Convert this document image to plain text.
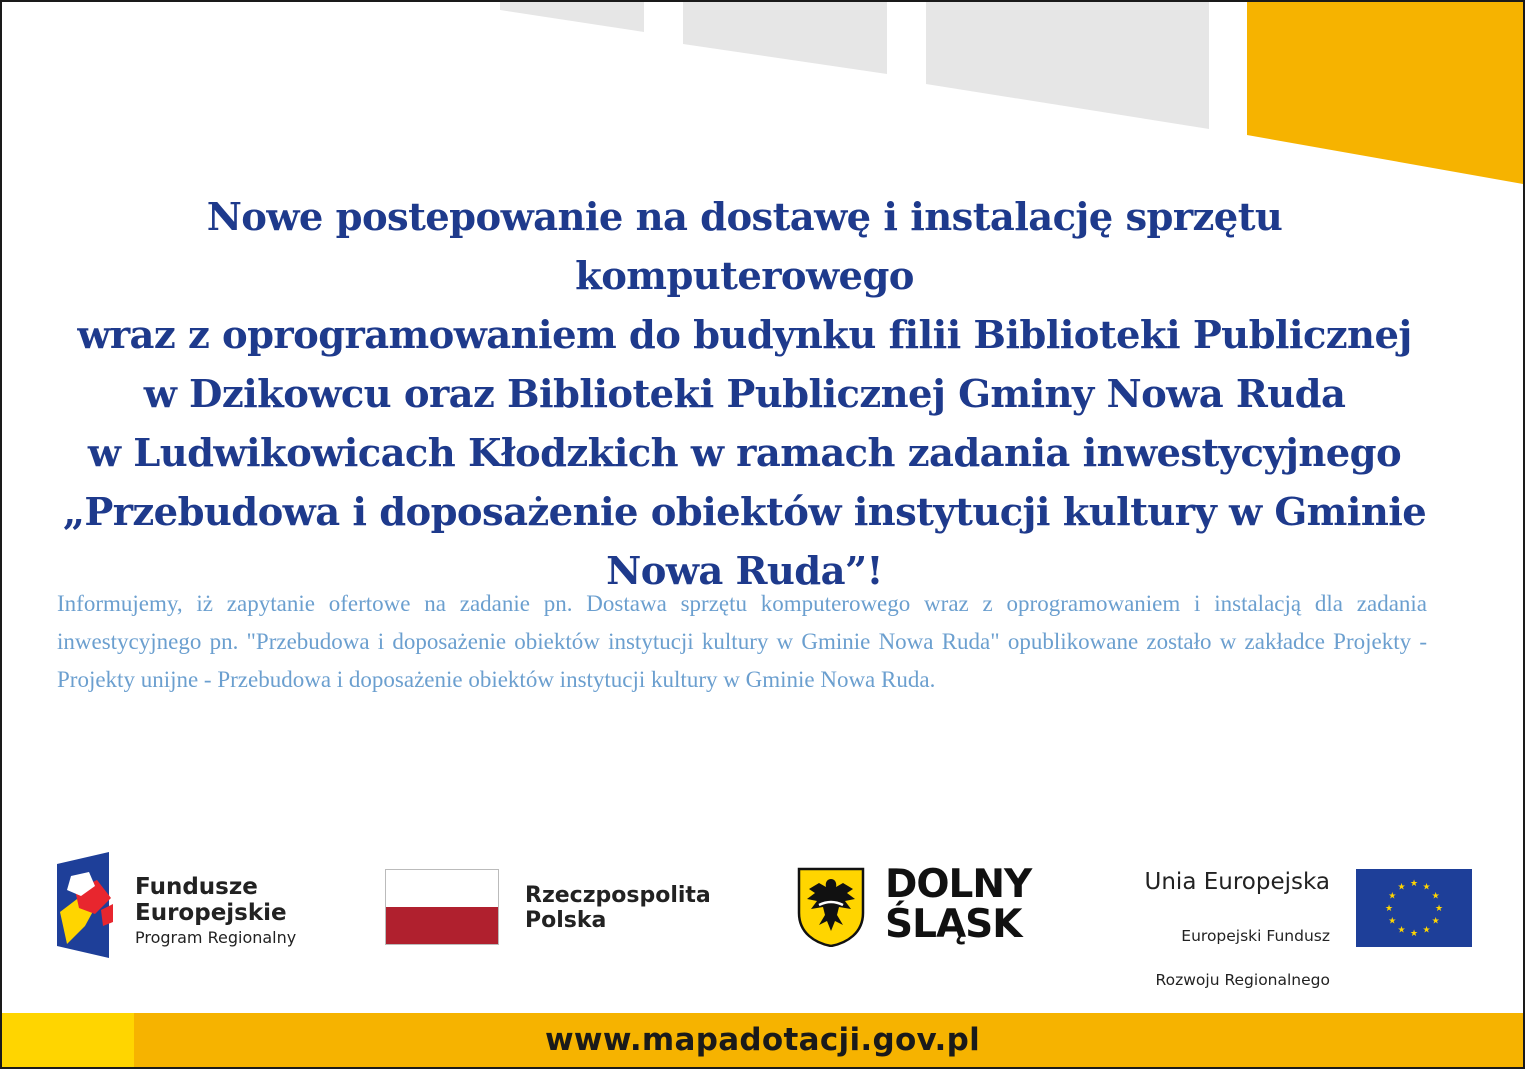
Nowe postepowanie na dostawę i instalację sprzętu komputerowego
wraz z oprogramowaniem do budynku filii Biblioteki Publicznej
w Dzikowcu oraz Biblioteki Publicznej Gminy Nowa Ruda
w Ludwikowicach Kłodzkich w ramach zadania inwestycyjnego
„Przebudowa i doposażenie obiektów instytucji kultury w Gminie
Nowa Ruda”!
Informujemy, iż zapytanie ofertowe na zadanie pn. Dostawa sprzętu komputerowego wraz z oprogramowaniem i instalacją dla zadania inwestycyjnego pn. "Przebudowa i doposażenie obiektów instytucji kultury w Gminie Nowa Ruda" opublikowane zostało w zakładce Projekty - Projekty unijne - Przebudowa i doposażenie obiektów instytucji kultury w Gminie Nowa Ruda.
Fundusze
Europejskie
Program Regionalny
Rzeczpospolita
Polska
DOLNY
ŚLĄSK
Unia Europejska

Europejski Fundusz

Rozwoju Regionalnego

★ ★
★
★
★
★
★
★
★
★
★
★
www.mapadotacji.gov.pl
